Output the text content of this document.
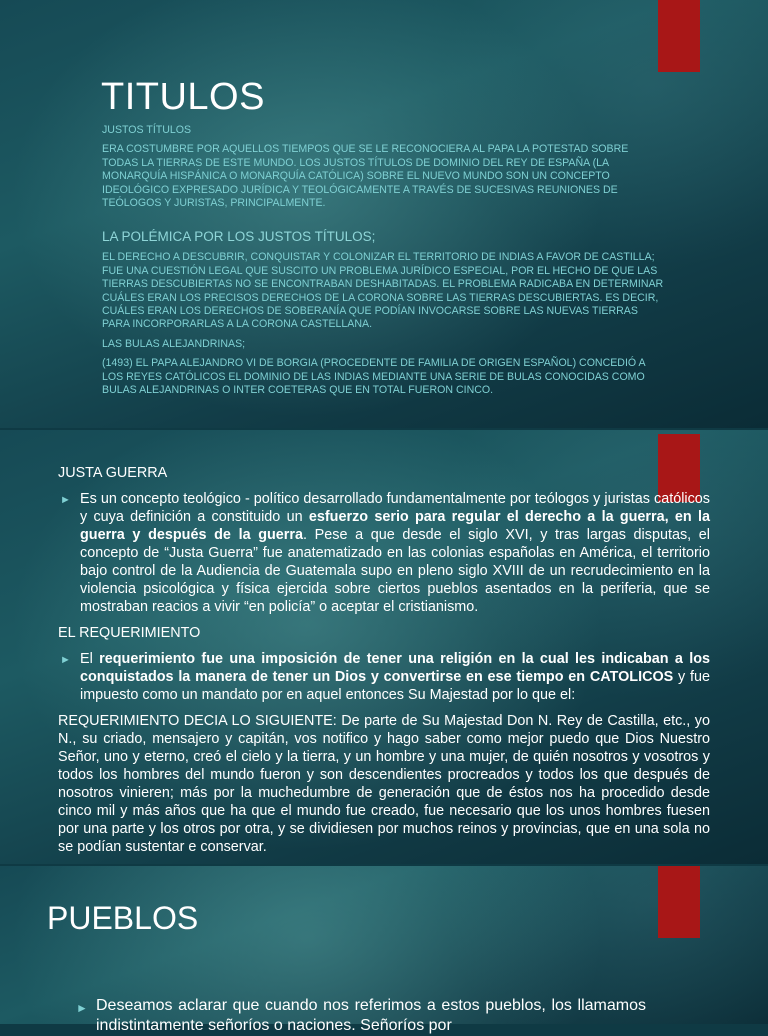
TITULOS

JUSTOS TÍTULOS

ERA COSTUMBRE POR AQUELLOS TIEMPOS QUE SE LE RECONOCIERA AL PAPA LA POTESTAD SOBRE TODAS LA TIERRAS DE ESTE MUNDO. LOS JUSTOS TÍTULOS DE DOMINIO DEL REY DE ESPAÑA (LA MONARQUÍA HISPÁNICA O MONARQUÍA CATÓLICA) SOBRE EL NUEVO MUNDO SON UN CONCEPTO IDEOLÓGICO EXPRESADO JURÍDICA Y TEOLÓGICAMENTE A TRAVÉS DE SUCESIVAS REUNIONES DE TEÓLOGOS Y JURISTAS, PRINCIPALMENTE.

LA POLÉMICA POR LOS JUSTOS TÍTULOS;

EL DERECHO A DESCUBRIR, CONQUISTAR Y COLONIZAR EL TERRITORIO DE INDIAS A FAVOR DE CASTILLA; FUE UNA CUESTIÓN LEGAL QUE SUSCITO UN PROBLEMA JURÍDICO ESPECIAL, POR EL HECHO DE QUE LAS TIERRAS DESCUBIERTAS NO SE ENCONTRABAN DESHABITADAS. EL PROBLEMA RADICABA EN DETERMINAR CUÁLES ERAN LOS PRECISOS DERECHOS DE LA CORONA SOBRE LAS TIERRAS DESCUBIERTAS. ES DECIR, CUÁLES ERAN LOS DERECHOS DE SOBERANÍA QUE PODÍAN INVOCARSE SOBRE LAS NUEVAS TIERRAS PARA INCORPORARLAS A LA CORONA CASTELLANA.

LAS BULAS ALEJANDRINAS;

(1493) EL PAPA ALEJANDRO VI DE BORGIA (PROCEDENTE DE FAMILIA DE ORIGEN ESPAÑOL) CONCEDIÓ A LOS REYES CATÓLICOS EL DOMINIO DE LAS INDIAS MEDIANTE UNA SERIE DE BULAS CONOCIDAS COMO BULAS ALEJANDRINAS O INTER COETERAS QUE EN TOTAL FUERON CINCO.

JUSTA GUERRA

► Es un concepto teológico - político desarrollado fundamentalmente por teólogos y juristas católicos y cuya definición a constituido un esfuerzo serio para regular el derecho a la guerra, en la guerra y después de la guerra. Pese a que desde el siglo XVI, y tras largas disputas, el concepto de “Justa Guerra” fue anatematizado en las colonias españolas en América, el territorio bajo control de la Audiencia de Guatemala supo en pleno siglo XVIII de un recrudecimiento en la violencia psicológica y física ejercida sobre ciertos pueblos asentados en la periferia, que se mostraban reacios a vivir “en policía” o aceptar el cristianismo.

EL REQUERIMIENTO

► El requerimiento fue una imposición de tener una religión en la cual les indicaban a los conquistados la manera de tener un Dios y convertirse en ese tiempo en CATOLICOS y fue impuesto como un mandato por en aquel entonces Su Majestad por lo que el:

REQUERIMIENTO DECIA LO SIGUIENTE: De parte de Su Majestad Don N. Rey de Castilla, etc., yo N., su criado, mensajero y capitán, vos notifico y hago saber como mejor puedo que Dios Nuestro Señor, uno y eterno, creó el cielo y la tierra, y un hombre y una mujer, de quién nosotros y vosotros y todos los hombres del mundo fueron y son descendientes procreados y todos los que después de nosotros vinieren; más por la muchedumbre de generación que de éstos nos ha procedido desde cinco mil y más años que ha que el mundo fue creado, fue necesario que los unos hombres fuesen por una parte y los otros por otra, y se dividiesen por muchos reinos y provincias, que en una sola no se podían sustentar e conservar.

PUEBLOS
► Deseamos aclarar que cuando nos referimos a estos pueblos, los llamamos indistintamente señoríos o naciones. Señoríos por
